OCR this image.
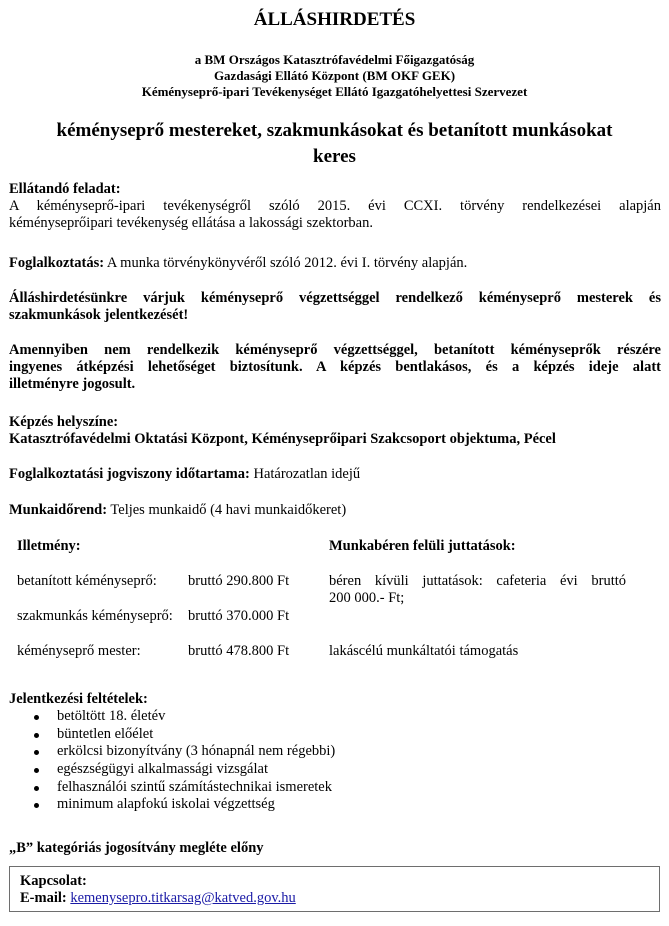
ÁLLÁSHIRDETÉS
a BM Országos Katasztrófavédelmi Főigazgatóság
Gazdasági Ellátó Központ (BM OKF GEK)
Kéményseprő-ipari Tevékenységet Ellátó Igazgatóhelyettesi Szervezet
kéményseprő mestereket, szakmunkásokat és betanított munkásokat
keres
Ellátandó feladat:
A kéményseprő-ipari tevékenységről szóló 2015. évi CCXI. törvény rendelkezései alapján
kéményseprőipari tevékenység ellátása a lakossági szektorban.
Foglalkoztatás: A munka törvénykönyvéről szóló 2012. évi I. törvény alapján.
Álláshirdetésünkre várjuk kéményseprő végzettséggel rendelkező kéményseprő mesterek és
szakmunkások jelentkezését!
Amennyiben nem rendelkezik kéményseprő végzettséggel, betanított kéményseprők részére
ingyenes átképzési lehetőséget biztosítunk. A képzés bentlakásos, és a képzés ideje alatt
illetményre jogosult.
Képzés helyszíne:
Katasztrófavédelmi Oktatási Központ, Kéményseprőipari Szakcsoport objektuma, Pécel
Foglalkoztatási jogviszony időtartama: Határozatlan idejű
Munkaidőrend: Teljes munkaidő (4 havi munkaidőkeret)
Illetmény:	Munkabéren felüli juttatások:
betanított kéményseprő: bruttó 290.800 Ft
szakmunkás kéményseprő: bruttó 370.000 Ft
kéményseprő mester:	bruttó 478.800 Ft
béren kívüli juttatások: cafeteria évi bruttó
200 000.- Ft;
lakáscélú munkáltatói támogatás
Jelentkezési feltételek:
betöltött 18. életév
büntetlen előélet
erkölcsi bizonyítvány (3 hónapnál nem régebbi)
egészségügyi alkalmassági vizsgálat
felhasználói szintű számítástechnikai ismeretek
minimum alapfokú iskolai végzettség
„B” kategóriás jogosítvány megléte előny
Kapcsolat:
E-mail: kemenysepro.titkarsag@katved.gov.hu
